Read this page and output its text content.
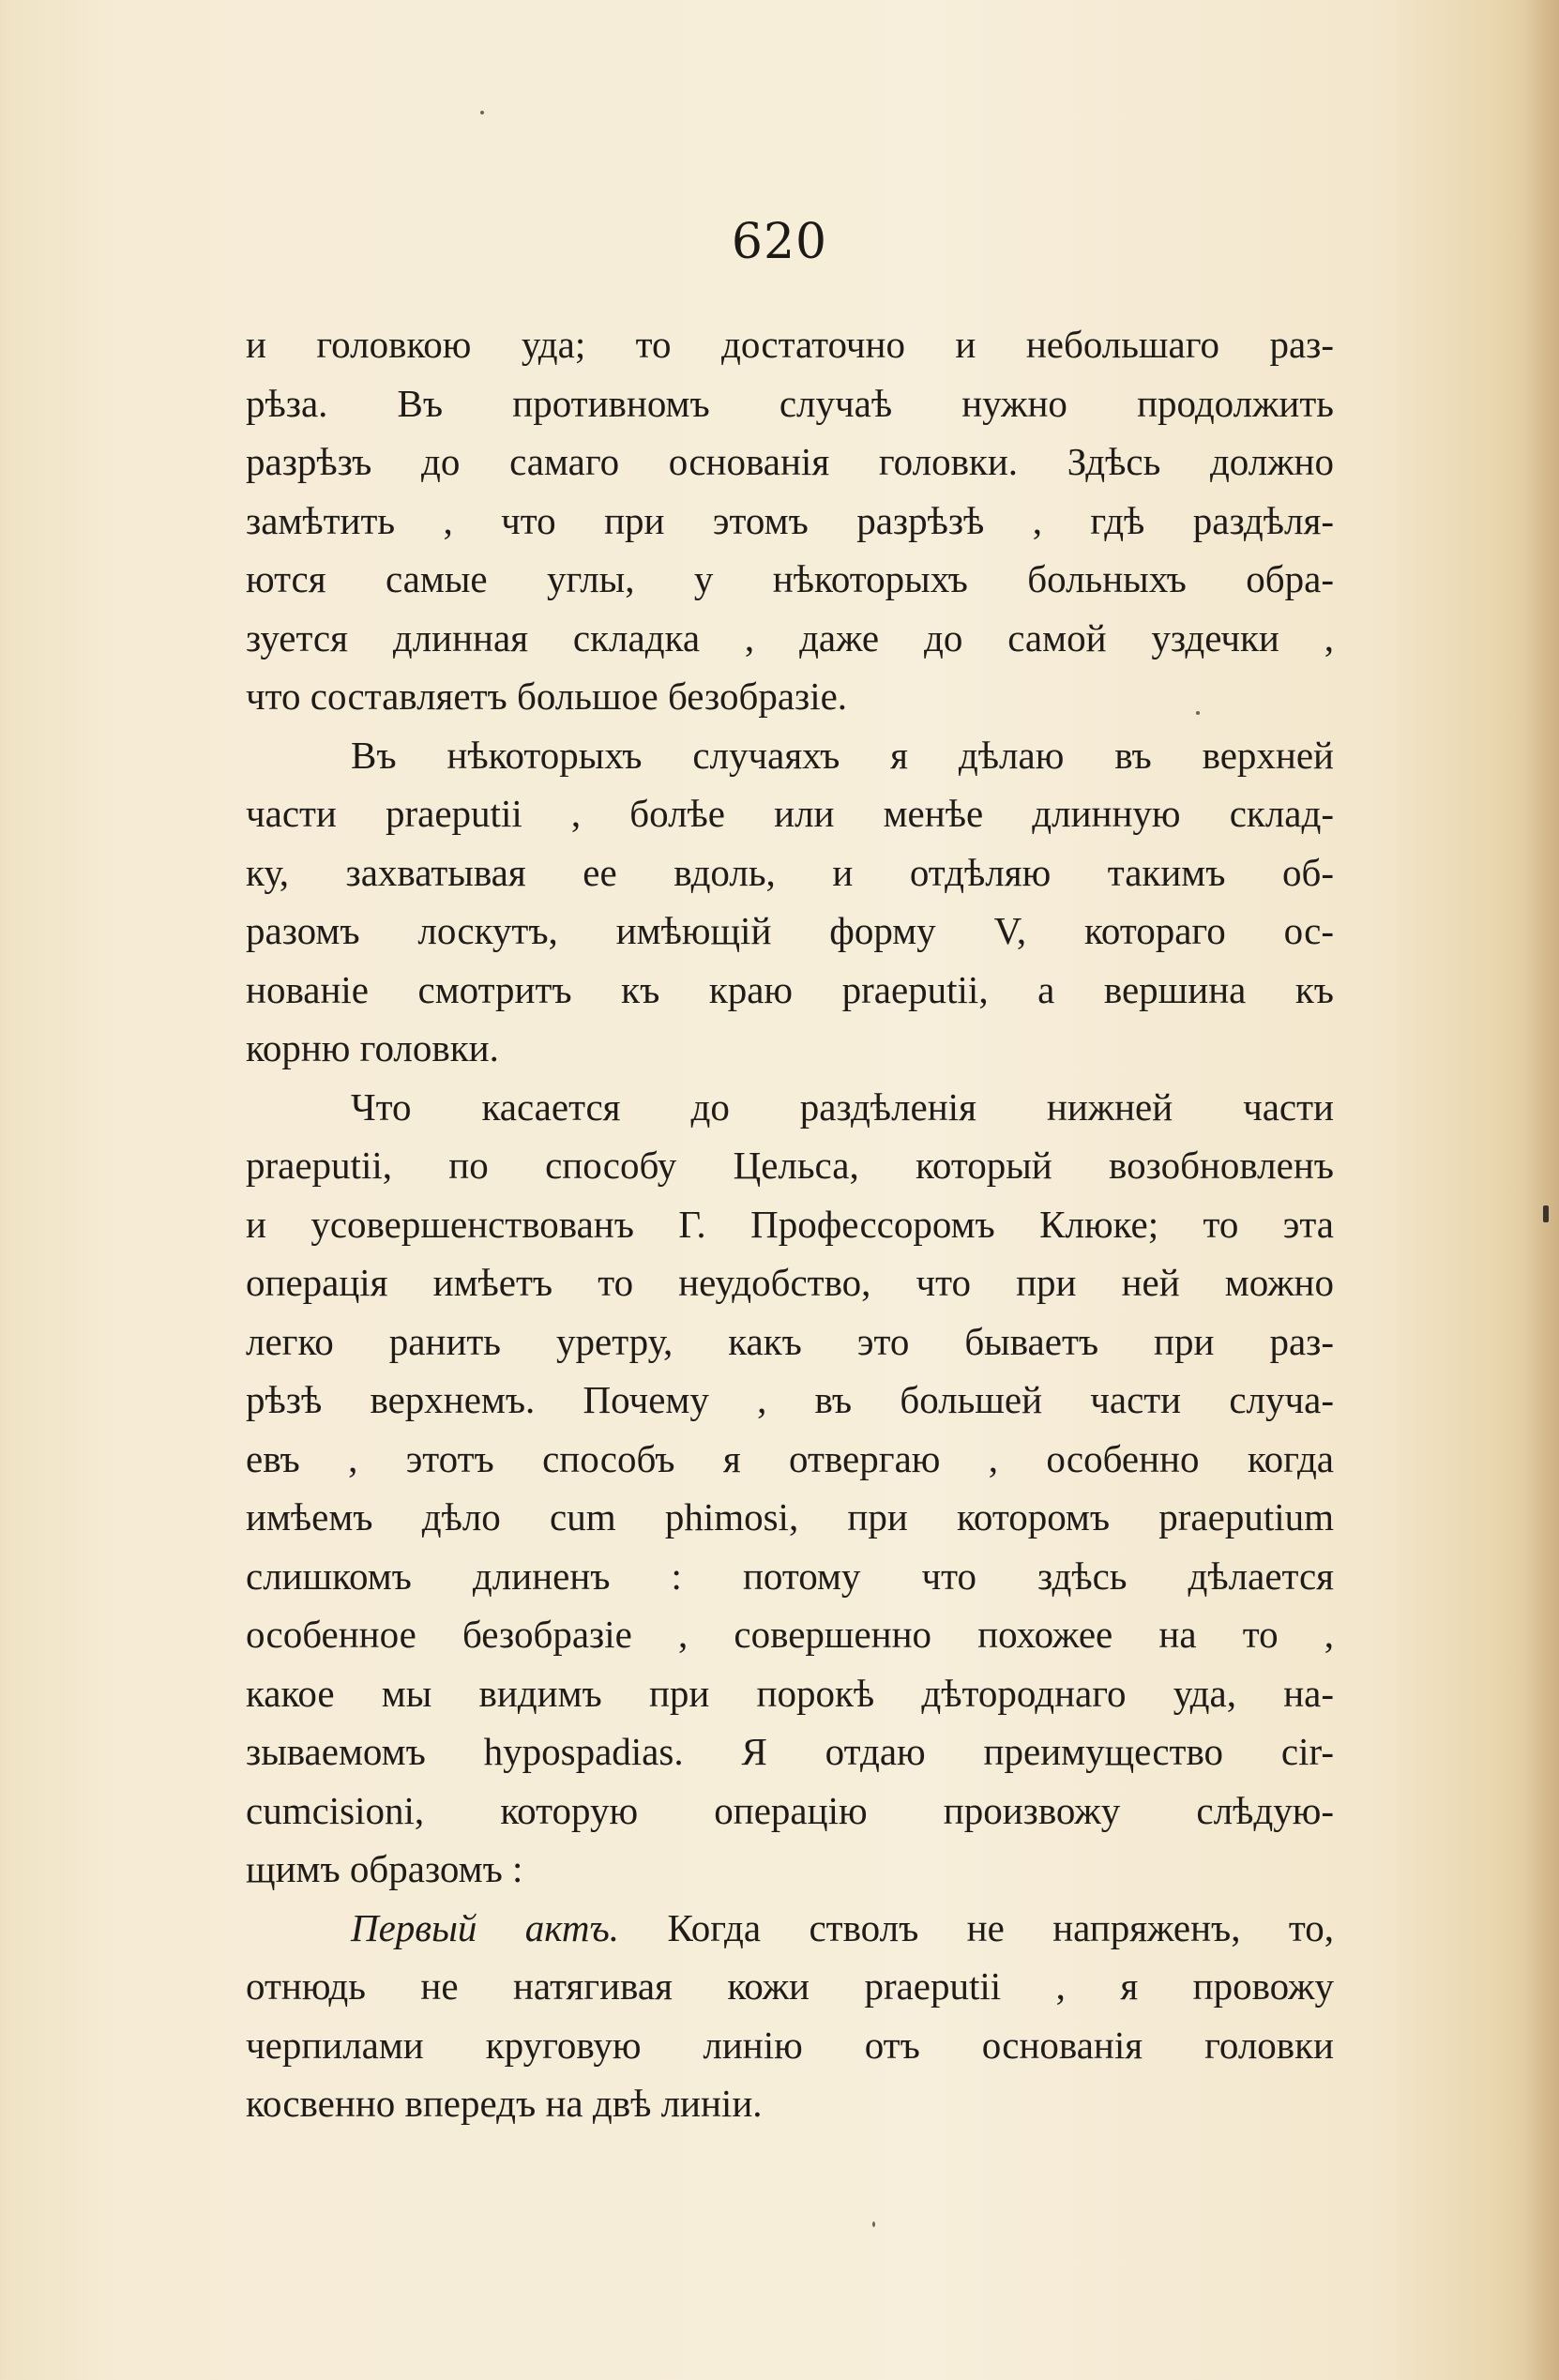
620
и головкою уда; то достаточно и небольшаго раз-
рѣза. Въ противномъ случаѣ нужно продолжить
разрѣзъ до самаго основанія головки. Здѣсь должно
замѣтить , что при этомъ разрѣзѣ , гдѣ раздѣля-
ются самые углы, у нѣкоторыхъ больныхъ обра-
зуется длинная складка , даже до самой уздечки ,
что составляетъ большое безобразіе.
Въ нѣкоторыхъ случаяхъ я дѣлаю въ верхней
части praeputii , болѣе или менѣе длинную склад-
ку, захватывая ее вдоль, и отдѣляю такимъ об-
разомъ лоскутъ, имѣющій форму V, котораго ос-
нованіе смотритъ къ краю praeputii, а вершина къ
корню головки.
Что касается до раздѣленія нижней части
praeputii, по способу Цельса, который возобновленъ
и усовершенствованъ Г. Профессоромъ Клюке; то эта
операція имѣетъ то неудобство, что при ней можно
легко ранить уретру, какъ это бываетъ при раз-
рѣзѣ верхнемъ. Почему , въ большей части случа-
евъ , этотъ способъ я отвергаю , особенно когда
имѣемъ дѣло cum phimosi, при которомъ praeputium
слишкомъ длиненъ : потому что здѣсь дѣлается
особенное безобразіе , совершенно похожее на то ,
какое мы видимъ при порокѣ дѣтороднаго уда, на-
зываемомъ hypospadias. Я отдаю преимущество cir-
cumcisioni, которую операцію произвожу слѣдую-
щимъ образомъ :
Первый актъ. Когда стволъ не напряженъ, то,
отнюдь не натягивая кожи praeputii , я провожу
черпилами круговую линію отъ основанія головки
косвенно впередъ на двѣ линіи.
